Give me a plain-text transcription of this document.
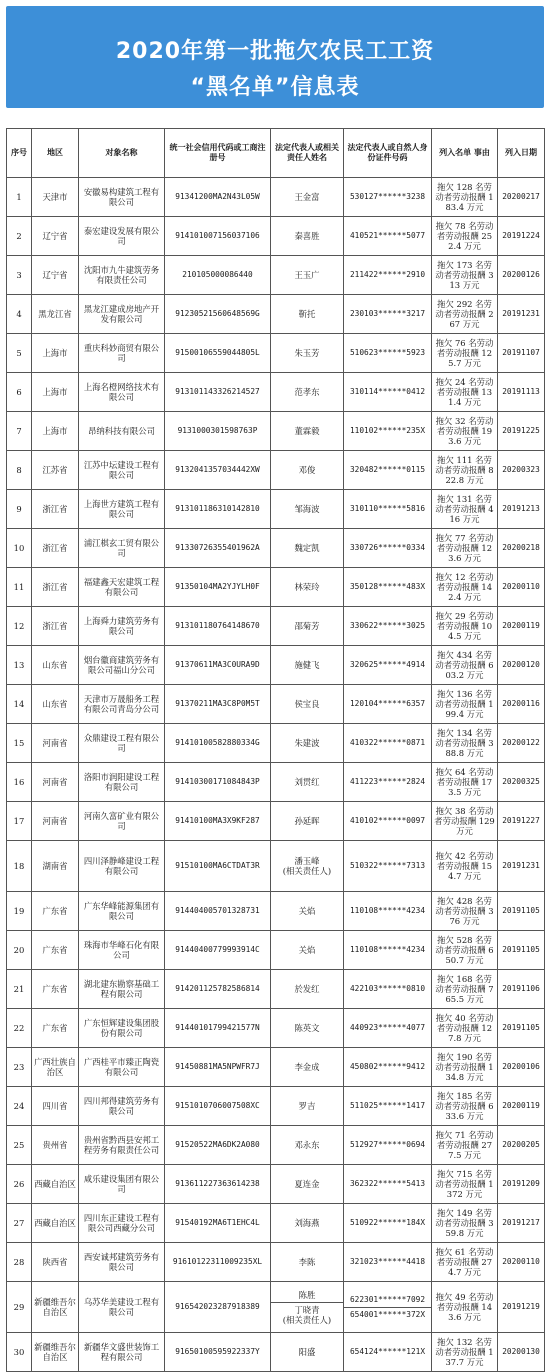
2020年第一批拖欠农民工工资
“黑名单”信息表
序号	地区	对象名称	统一社会信用代码或工商注册号	法定代表人或相关责任人姓名	法定代表人或自然人身份证件号码	列入名单 事由	列入日期

1	天津市	安徽易构建筑工程有限公司	91341200MA2N43L05W	王金富	530127******3238	拖欠 128 名劳动者劳动报酬 183.4 万元	20200217

2	辽宁省	泰宏建设发展有限公司	914101007156037106	秦喜胜	410521******5077	拖欠 78 名劳动者劳动报酬 252.4 万元	20191224

3	辽宁省	沈阳市九牛建筑劳务有限责任公司	210105000086440	王玉广	211422******2910	拖欠 173 名劳动者劳动报酬 313 万元	20200126

4	黑龙江省	黑龙江建成房地产开发有限公司	91230521560648569G	靳托	230103******3217	拖欠 292 名劳动者劳动报酬 267 万元	20191231

5	上海市	重庆科妙商贸有限公司	91500106559044805L	朱玉芳	510623******5923	拖欠 76 名劳动者劳动报酬 125.7 万元	20191107

6	上海市	上海名橙网络技术有限公司	91310114332621452​7	范孝东	310114******0412	拖欠 24 名劳动者劳动报酬 131.4 万元	20191113

7	上海市	昂纳科技有限公司	913100030159876​3P	董霖毅	110102******235X	拖欠 32 名劳动者劳动报酬 193.6 万元	20191225

8	江苏省	江苏中坛建设工程有限公司	91320413570344​42XW	邓俊	320482******0115	拖欠 111 名劳动者劳动报酬 822.8 万元	20200323

9	浙江省	上海世方建筑工程有限公司	913101186310142810	邹海波	310110******5816	拖欠 131 名劳动者劳动报酬 416 万元	20191213

10	浙江省	浦江棋玄工贸有限公司	91330726355401962A	魏定凯	330726******0334	拖欠 77 名劳动者劳动报酬 123.6 万元	20200218

11	浙江省	福建鑫天宏建筑工程有限公司	91350104MA2YJYLH0F	林荣玲	350128******483X	拖欠 12 名劳动者劳动报酬 142.4 万元	20200110

12	浙江省	上海舜力建筑劳务有限公司	913101180764148670	邵菊芳	330622******3025	拖欠 29 名劳动者劳动报酬 104.5 万元	20200119

13	山东省	烟台徽商建筑劳务有限公司福山分公司	91370611MA3C0URA9D	施健飞	320625******4914	拖欠 434 名劳动者劳动报酬 603.2 万元	20200120

14	山东省	天津市万晟船务工程有限公司青岛分公司	91370211MA3C8P0M5T	侯宝良	120104******6357	拖欠 136 名劳动者劳动报酬 199.4 万元	20200116

15	河南省	众鼎建设工程有限公司	91410100582880334G	朱建波	410322******0871	拖欠 134 名劳动者劳动报酬 388.8 万元	20200122

16	河南省	洛阳市润阳建设工程有限公司	91410300171084843P	刘贯红	411223******2824	拖欠 64 名劳动者劳动报酬 173.5 万元	20200325

17	河南省	河南久富矿业有限公司	91410100MA3X9KF287	孙延晖	410102******0097	拖欠 38 名劳动者劳动报酬 129 万元	20191227

18	湖南省	四川泽静峰建设工程有限公司	91510100MA6CTDAT3R	潘玉峰
(相关责任人)	510322******7313	拖欠 42 名劳动者劳动报酬 154.7 万元	20191231

19	广东省	广东华峰能源集团有限公司	914404005701328731	关焰	110108******4234	拖欠 428 名劳动者劳动报酬 376 万元	20191105

20	广东省	珠海市华峰石化有限公司	914404007799939​14C	关焰	110108******4234	拖欠 528 名劳动者劳动报酬 650.7 万元	20191105

21	广东省	湖北建东勘察基础工程有限公司	914201125782586814	於发红	422103******0810	拖欠 168 名劳动者劳动报酬 765.5 万元	20191106

22	广东省	广东恒辉建设集团股份有限公司	91440101799421577N	陈英文	440923******4077	拖欠 40 名劳动者劳动报酬 127.8 万元	20191105

23	广西壮族自治区	广西桂平市臻正陶瓷有限公司	91450881MA5NPWFR7J	李金成	450802******9412	拖欠 190 名劳动者劳动报酬 134.8 万元	20200106

24	四川省	四川邦得建筑劳务有限公司	91510107060075​08XC	罗吉	511025******1417	拖欠 185 名劳动者劳动报酬 633.6 万元	20200119

25	贵州省	贵州省黔西县安邦工程劳务有限责任公司	91520522MA6DK2A080	邓永东	512927******0694	拖欠 71 名劳动者劳动报酬 277.5 万元	20200205

26	西藏自治区	咸乐建设集团有限公司	913611227363614238	夏连金	362322******5413	拖欠 715 名劳动者劳动报酬 1372 万元	20191209

27	西藏自治区	四川东正建设工程有限公司西藏分公司	91540192MA6T1EHC4L	刘海燕	510922******184X	拖欠 149 名劳动者劳动报酬 359.8 万元	20191217

28	陕西省	西安诚邦建筑劳务有限公司	91610122311009235XL	李陈	321023******4418	拖欠 61 名劳动者劳动报酬 274.7 万元	20200110

29	新疆维吾尔自治区	乌苏华美建设工程有限公司	916542023287918389	陈胜
丁晓青
(相关责任人)	622301******7092
654001******372X	拖欠 49 名劳动者劳动报酬 143.6 万元	20191219

30	新疆维吾尔自治区	新疆华文盛世装饰工程有限公司	91650100595922337Y	阳盛	654124******121X	拖欠 132 名劳动者劳动报酬 137.7 万元	20200130
